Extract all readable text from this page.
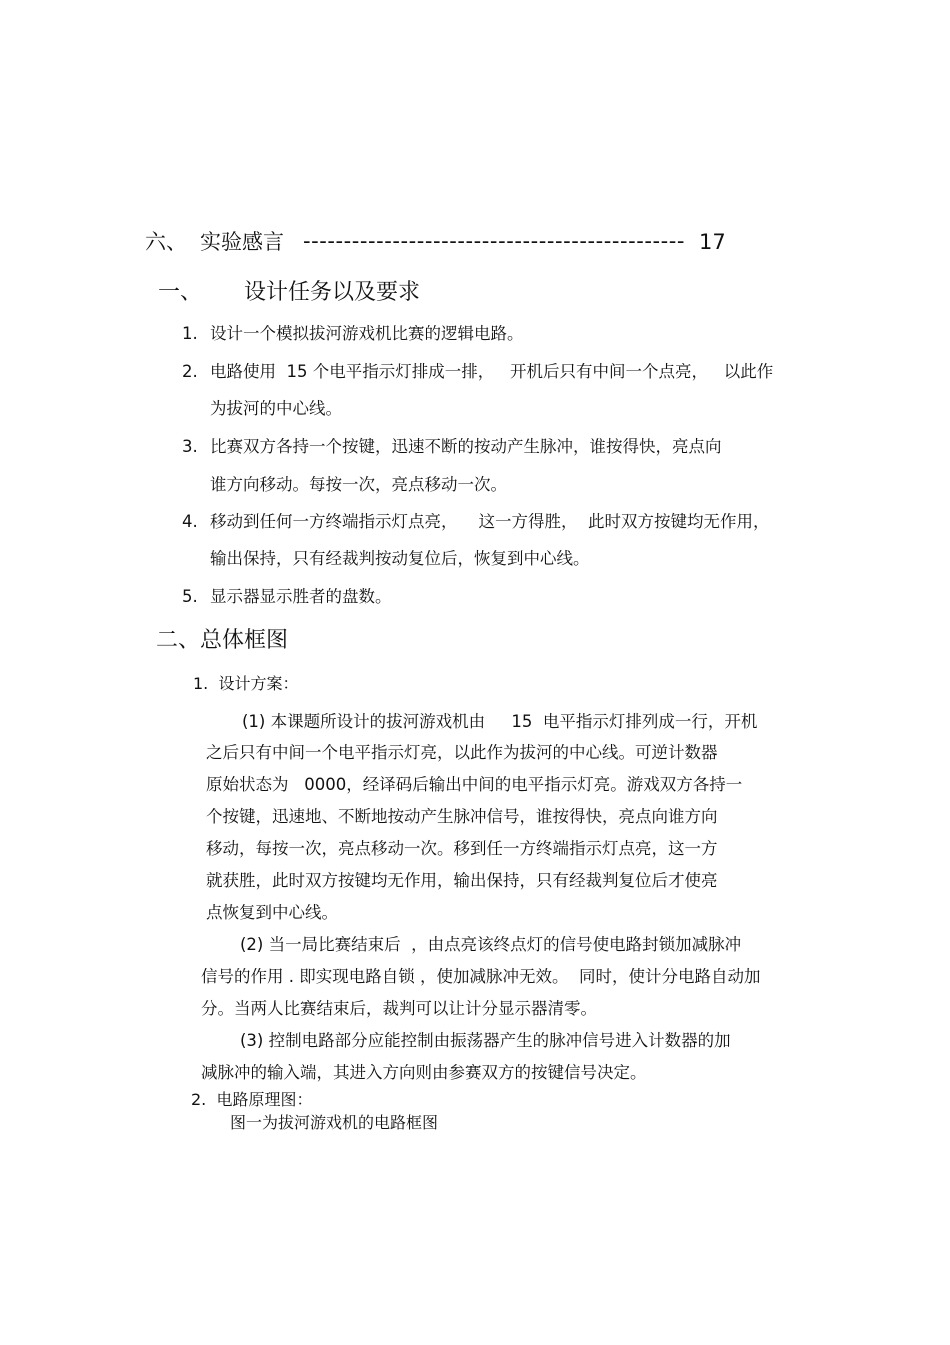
六、 实验感言 ----------------------------------------------- 17
一、 设计任务以及要求
1. 设计一个模拟拔河游戏机比赛的逻辑电路。
2. 电路使用  15 个电平指示灯排成一排，   开机后只有中间一个点亮，   以此作
为拔河的中心线。
3. 比赛双方各持一个按键，迅速不断的按动产生脉冲，谁按得快，亮点向
谁方向移动。每按一次，亮点移动一次。
4. 移动到任何一方终端指示灯点亮，    这一方得胜，  此时双方按键均无作用，
输出保持，只有经裁判按动复位后，恢复到中心线。
5. 显示器显示胜者的盘数。
二、总体框图
1.  设计方案：
(1) 本课题所设计的拔河游戏机由     15  电平指示灯排列成一行，开机
之后只有中间一个电平指示灯亮，以此作为拔河的中心线。可逆计数器
原始状态为   0000，经译码后输出中间的电平指示灯亮。游戏双方各持一
个按键，迅速地、不断地按动产生脉冲信号，谁按得快，亮点向谁方向
移动，每按一次，亮点移动一次。移到任一方终端指示灯点亮，这一方
就获胜，此时双方按键均无作用，输出保持，只有经裁判复位后才使亮
点恢复到中心线。
(2) 当一局比赛结束后  ，由点亮该终点灯的信号使电路封锁加减脉冲
信号的作用 . 即实现电路自锁 ，使加减脉冲无效。  同时，使计分电路自动加
分。当两人比赛结束后，裁判可以让计分显示器清零。
(3) 控制电路部分应能控制由振荡器产生的脉冲信号进入计数器的加
减脉冲的输入端，其进入方向则由参赛双方的按键信号决定。
2.  电路原理图：
图一为拔河游戏机的电路框图
